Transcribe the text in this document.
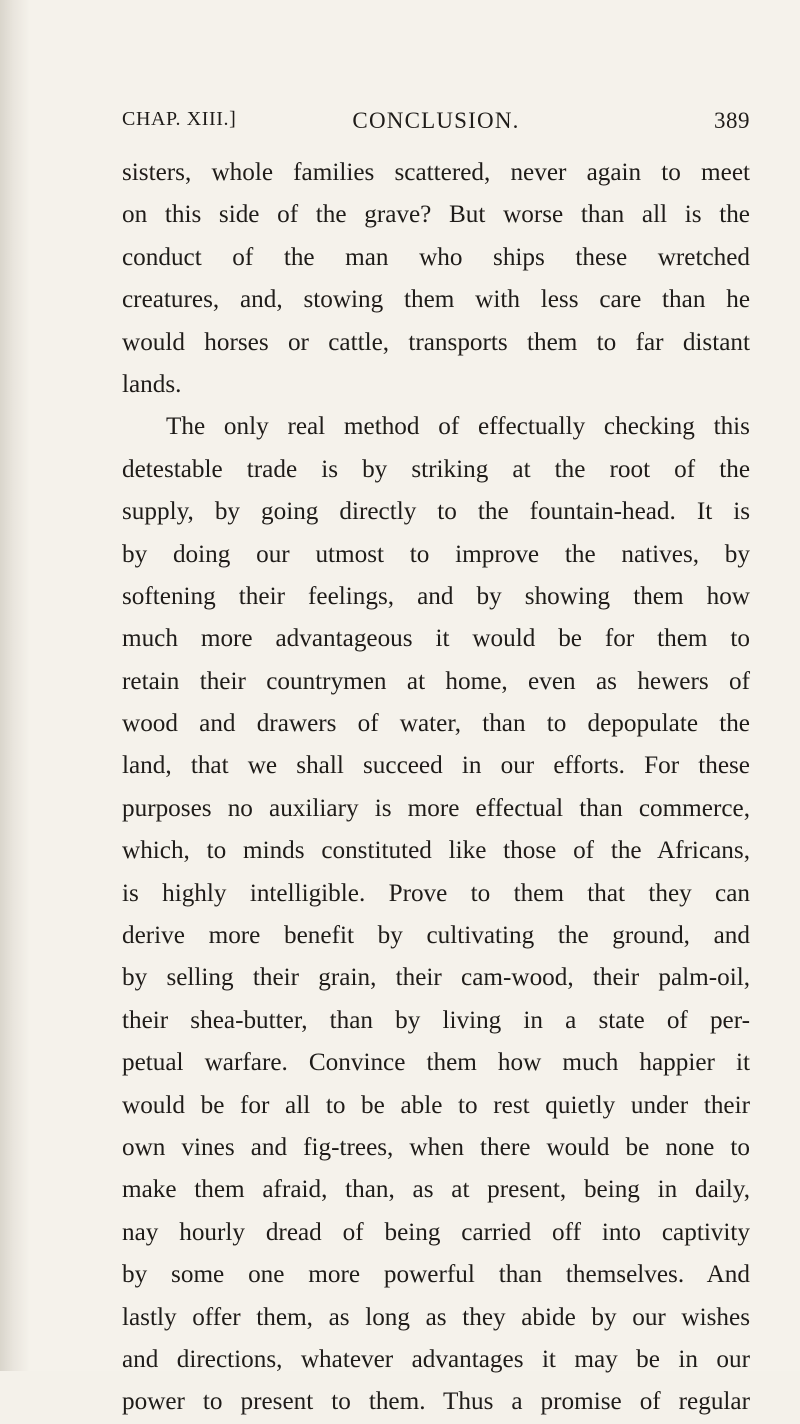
CHAP. XIII.]	CONCLUSION.	389
sisters, whole families scattered, never again to meet
on this side of the grave? But worse than all is the
conduct of the man who ships these wretched
creatures, and, stowing them with less care than he
would horses or cattle, transports them to far distant
lands.
The only real method of effectually checking this
detestable trade is by striking at the root of the
supply, by going directly to the fountain-head. It is
by doing our utmost to improve the natives, by
softening their feelings, and by showing them how
much more advantageous it would be for them to
retain their countrymen at home, even as hewers of
wood and drawers of water, than to depopulate the
land, that we shall succeed in our efforts. For these
purposes no auxiliary is more effectual than commerce,
which, to minds constituted like those of the Africans,
is highly intelligible. Prove to them that they can
derive more benefit by cultivating the ground, and
by selling their grain, their cam-wood, their palm-oil,
their shea-butter, than by living in a state of per-
petual warfare. Convince them how much happier it
would be for all to be able to rest quietly under their
own vines and fig-trees, when there would be none to
make them afraid, than, as at present, being in daily,
nay hourly dread of being carried off into captivity
by some one more powerful than themselves. And
lastly offer them, as long as they abide by our wishes
and directions, whatever advantages it may be in our
power to present to them. Thus a promise of regular
